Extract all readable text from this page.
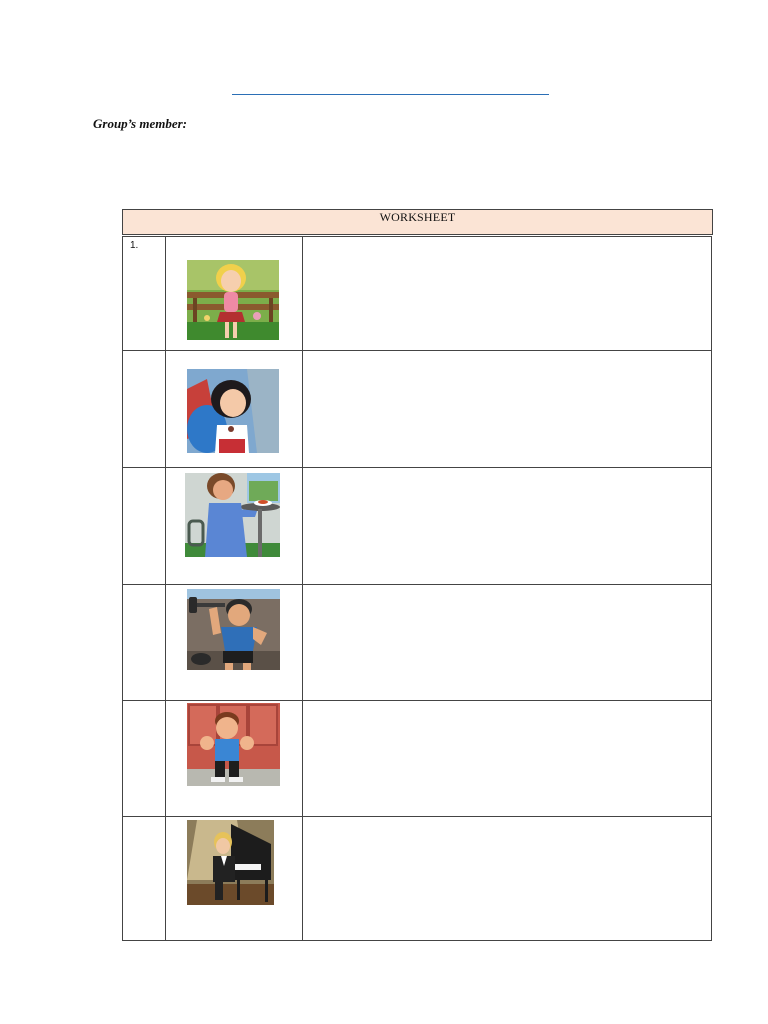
Group’s member:
WORKSHEET
1.
